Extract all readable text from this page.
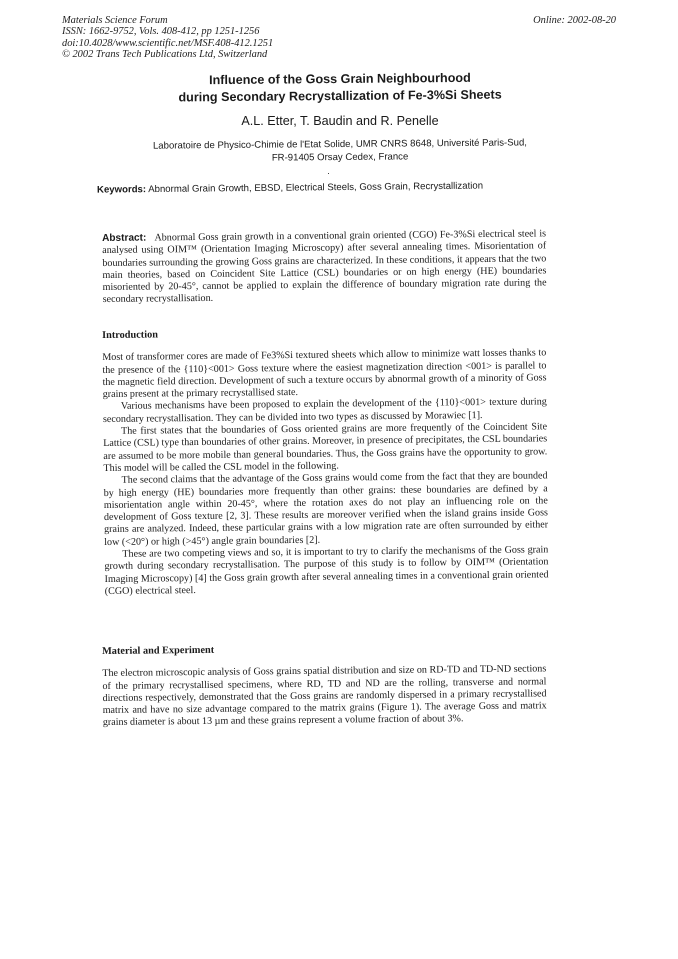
Materials Science Forum
ISSN: 1662-9752, Vols. 408-412, pp 1251-1256
doi:10.4028/www.scientific.net/MSF.408-412.1251
© 2002 Trans Tech Publications Ltd, Switzerland
Online: 2002-08-20
Influence of the Goss Grain Neighbourhood
during Secondary Recrystallization of Fe-3%Si Sheets
A.L. Etter, T. Baudin and R. Penelle
Laboratoire de Physico-Chimie de l'Etat Solide, UMR CNRS 8648, Université Paris-Sud,
FR-91405 Orsay Cedex, France
·
Keywords: Abnormal Grain Growth, EBSD, Electrical Steels, Goss Grain, Recrystallization

Abstract: Abnormal Goss grain growth in a conventional grain oriented (CGO) Fe-3%Si electrical steel is analysed using OIM™ (Orientation Imaging Microscopy) after several annealing times. Misorientation of boundaries surrounding the growing Goss grains are characterized. In these conditions, it appears that the two main theories, based on Coincident Site Lattice (CSL) boundaries or on high energy (HE) boundaries misoriented by 20-45°, cannot be applied to explain the difference of boundary migration rate during the secondary recrystallisation.

Introduction

Most of transformer cores are made of Fe3%Si textured sheets which allow to minimize watt losses thanks to the presence of the {110}<001> Goss texture where the easiest magnetization direction <001> is parallel to the magnetic field direction. Development of such a texture occurs by abnormal growth of a minority of Goss grains present at the primary recrystallised state.

Various mechanisms have been proposed to explain the development of the {110}<001> texture during secondary recrystallisation. They can be divided into two types as discussed by Morawiec [1].

The first states that the boundaries of Goss oriented grains are more frequently of the Coincident Site Lattice (CSL) type than boundaries of other grains. Moreover, in presence of precipitates, the CSL boundaries are assumed to be more mobile than general boundaries. Thus, the Goss grains have the opportunity to grow. This model will be called the CSL model in the following.

The second claims that the advantage of the Goss grains would come from the fact that they are bounded by high energy (HE) boundaries more frequently than other grains: these boundaries are defined by a misorientation angle within 20-45°, where the rotation axes do not play an influencing role on the development of Goss texture [2, 3]. These results are moreover verified when the island grains inside Goss grains are analyzed. Indeed, these particular grains with a low migration rate are often surrounded by either low (<20°) or high (>45°) angle grain boundaries [2].

These are two competing views and so, it is important to try to clarify the mechanisms of the Goss grain growth during secondary recrystallisation. The purpose of this study is to follow by OIM™ (Orientation Imaging Microscopy) [4] the Goss grain growth after several annealing times in a conventional grain oriented (CGO) electrical steel.

Material and Experiment

The electron microscopic analysis of Goss grains spatial distribution and size on RD-TD and TD-ND sections of the primary recrystallised specimens, where RD, TD and ND are the rolling, transverse and normal directions respectively, demonstrated that the Goss grains are randomly dispersed in a primary recrystallised matrix and have no size advantage compared to the matrix grains (Figure 1). The average Goss and matrix grains diameter is about 13 µm and these grains represent a volume fraction of about 3%.
